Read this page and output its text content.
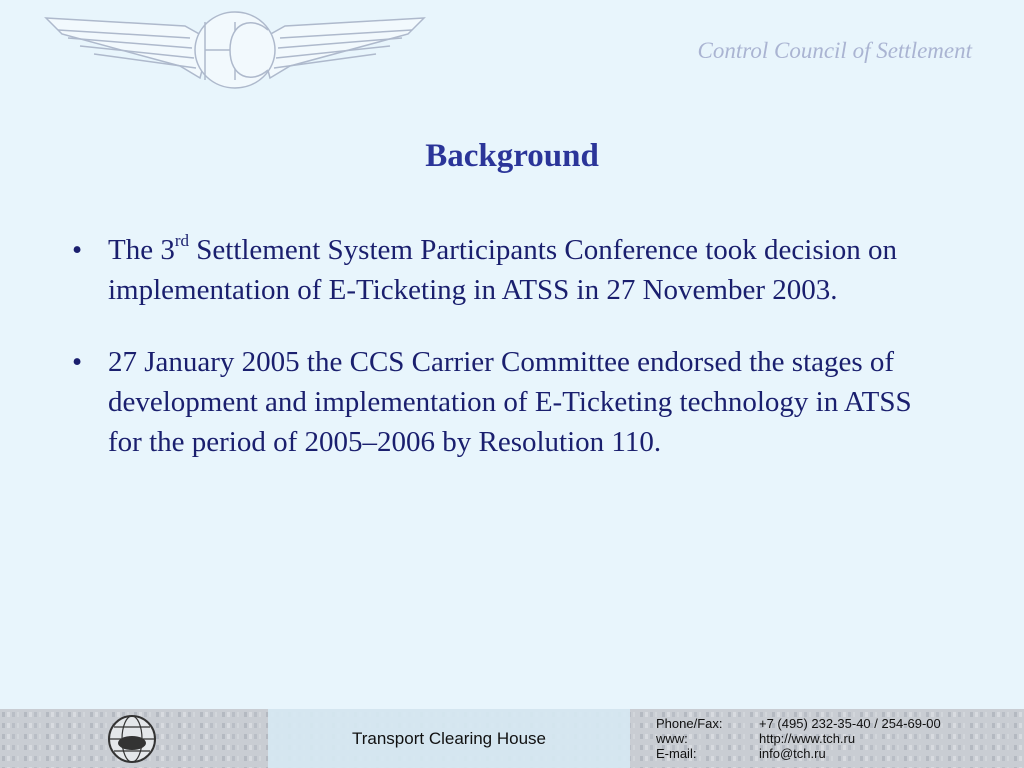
Control Council of Settlement
Background
• The 3rd Settlement System Participants Conference took decision on implementation of E-Ticketing in ATSS in 27 November 2003.
• 27 January 2005 the CCS Carrier Committee endorsed the stages of development and implementation of E-Ticketing technology in ATSS for the period of 2005–2006 by Resolution 110.
Transport Clearing House
Phone/Fax:	+7 (495) 232-35-40 / 254-69-00
www:	http://www.tch.ru
E-mail:	info@tch.ru
